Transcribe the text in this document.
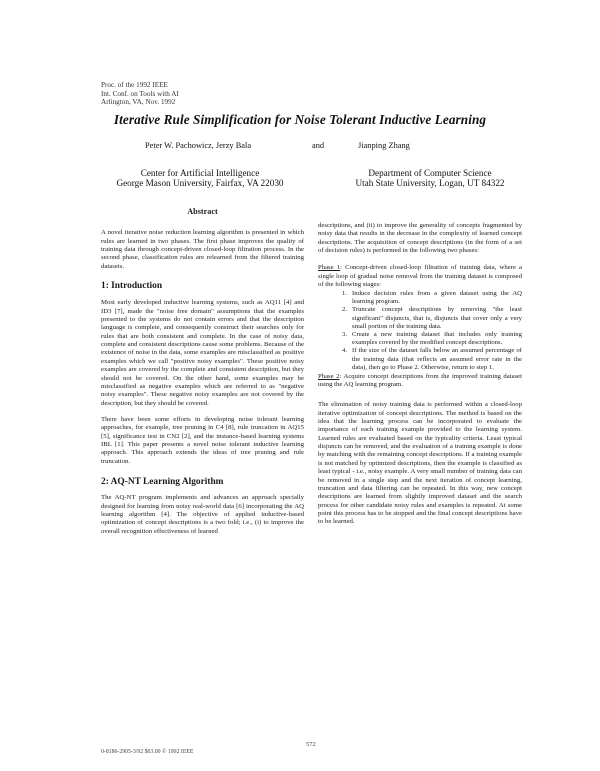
Proc. of the 1992 IEEE
Int. Conf. on Tools with AI
Arlington, VA, Nov. 1992
Iterative Rule Simplification for Noise Tolerant Inductive Learning
Peter W. Pachowicz, Jerzy Bala	and	Jianping Zhang
Center for Artificial Intelligence
George Mason University, Fairfax, VA 22030
Department of Computer Science
Utah State University, Logan, UT 84322
Abstract

A novel iterative noise reduction learning algorithm is presented in which rules are learned in two phases. The first phase improves the quality of training data through concept-driven closed-loop filtration process. In the second phase, classification rules are relearned from the filtered training datasets.

1: Introduction

Most early developed inductive learning systems, such as AQ11 [4] and ID3 [7], made the "noise free domain" assumptions that the examples presented to the systems do not contain errors and that the description language is complete, and consequently construct their searches only for rules that are both consistent and complete. In the case of noisy data, complete and consistent descriptions cause some problems. Because of the existence of noise in the data, some examples are misclassified as positive examples which we call "positive noisy examples". These positive noisy examples are covered by the complete and consistent description, but they should not be covered. On the other hand, some examples may be misclassified as negative examples which are referred to as "negative noisy examples". These negative noisy examples are not covered by the description, but they should be covered.

There have been some efforts in developing noise tolerant learning approaches, for example, tree pruning in C4 [8], rule truncation in AQ15 [5], significance test in CN2 [2], and the instance-based learning systems IBL [1]. This paper presents a novel noise tolerant inductive learning approach. This approach extends the ideas of tree pruning and rule truncation.

2: AQ-NT Learning Algorithm

The AQ-NT program implements and advances an approach specially designed for learning from noisy real-world data [6] incorporating the AQ learning algorithm [4]. The objective of applied inductive-based optimization of concept descriptions is a two fold; i.e., (i) to improve the overall recognition effectiveness of learned

descriptions, and (ii) to improve the generality of concepts fragmented by noisy data that results in the decrease in the complexity of learned concept descriptions. The acquisition of concept descriptions (in the form of a set of decision rules) is performed in the following two phases:

Phase 1: Concept-driven closed-loop filtration of training data, where a single loop of gradual noise removal from the training dataset is composed of the following stages:
1. Induce decision rules from a given dataset using the AQ learning program.
2. Truncate concept descriptions by removing "the least significant" disjuncts, that is, disjuncts that cover only a very small portion of the training data.
3. Create a new training dataset that includes only training examples covered by the modified concept descriptions.
4. If the size of the dataset falls below an assumed percentage of the training data (that reflects an assumed error rate in the data), then go to Phase 2. Otherwise, return to step 1.
Phase 2: Acquire concept descriptions from the improved training dataset using the AQ learning program.

The elimination of noisy training data is performed within a closed-loop iterative optimization of concept descriptions. The method is based on the idea that the learning process can be incorporated to evaluate the importance of each training example provided to the learning system. Learned rules are evaluated based on the typicality criteria. Least typical disjuncts can be removed, and the evaluation of a training example is done by matching with the remaining concept descriptions. If a training example is not matched by optimized descriptions, then the example is classified as least typical - i.e., noisy example. A very small number of training data can be removed in a single step and the next iteration of concept learning, truncation and data filtering can be repeated. In this way, new concept descriptions are learned from slightly improved dataset and the search process for other candidate noisy rules and examples is repeated. At some point this process has to be stopped and the final concept descriptions have to be learned.

572
0-8186-2905-3/92 $03.00 © 1992 IEEE
